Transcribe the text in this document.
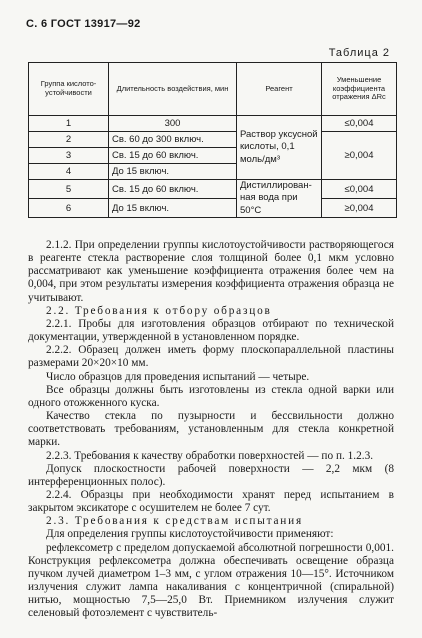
С. 6 ГОСТ 13917—92
Таблица 2
Группа кислото-устойчивости	Длительность воздействия, мин	Реагент	Уменьшение коэффициента отражения ΔRс
1	300	Раствор уксусной кислоты, 0,1 моль/дм³	≤0,004
2	Св. 60 до 300 включ.		≥0,004
3	Св. 15 до 60 включ.		
4	До 15 включ.		
5	Св. 15 до 60 включ.	Дистиллирован-ная вода при 50°С	≤0,004
6	До 15 включ.		≥0,004

2.1.2. При определении группы кислотоустойчивости растворяющегося в реагенте стекла растворение слоя толщиной более 0,1 мкм условно рассматривают как уменьшение коэффициента отражения более чем на 0,004, при этом результаты измерения коэффициента отражения образца не учитывают.

2.2. Требования к отбору образцов

2.2.1. Пробы для изготовления образцов отбирают по технической документации, утвержденной в установленном порядке.

2.2.2. Образец должен иметь форму плоскопараллельной пластины размерами 20×20×10 мм.

Число образцов для проведения испытаний — четыре.

Все образцы должны быть изготовлены из стекла одной варки или одного отожженного куска.

Качество стекла по пузырности и бессвильности должно соответствовать требованиям, установленным для стекла конкретной марки.

2.2.3. Требования к качеству обработки поверхностей — по п. 1.2.3.

Допуск плоскостности рабочей поверхности — 2,2 мкм (8 интерференционных полос).

2.2.4. Образцы при необходимости хранят перед испытанием в закрытом эксикаторе с осушителем не более 7 сут.

2.3. Требования к средствам испытания

Для определения группы кислотоустойчивости применяют:

рефлексометр с пределом допускаемой абсолютной погрешности 0,001. Конструкция рефлексометра должна обеспечивать освещение образца пучком лучей диаметром 1–3 мм, с углом отражения 10—15°. Источником излучения служит лампа накаливания с концентричной (спиральной) нитью, мощностью 7,5—25,0 Вт. Приемником излучения служит селеновый фотоэлемент с чувствитель-
